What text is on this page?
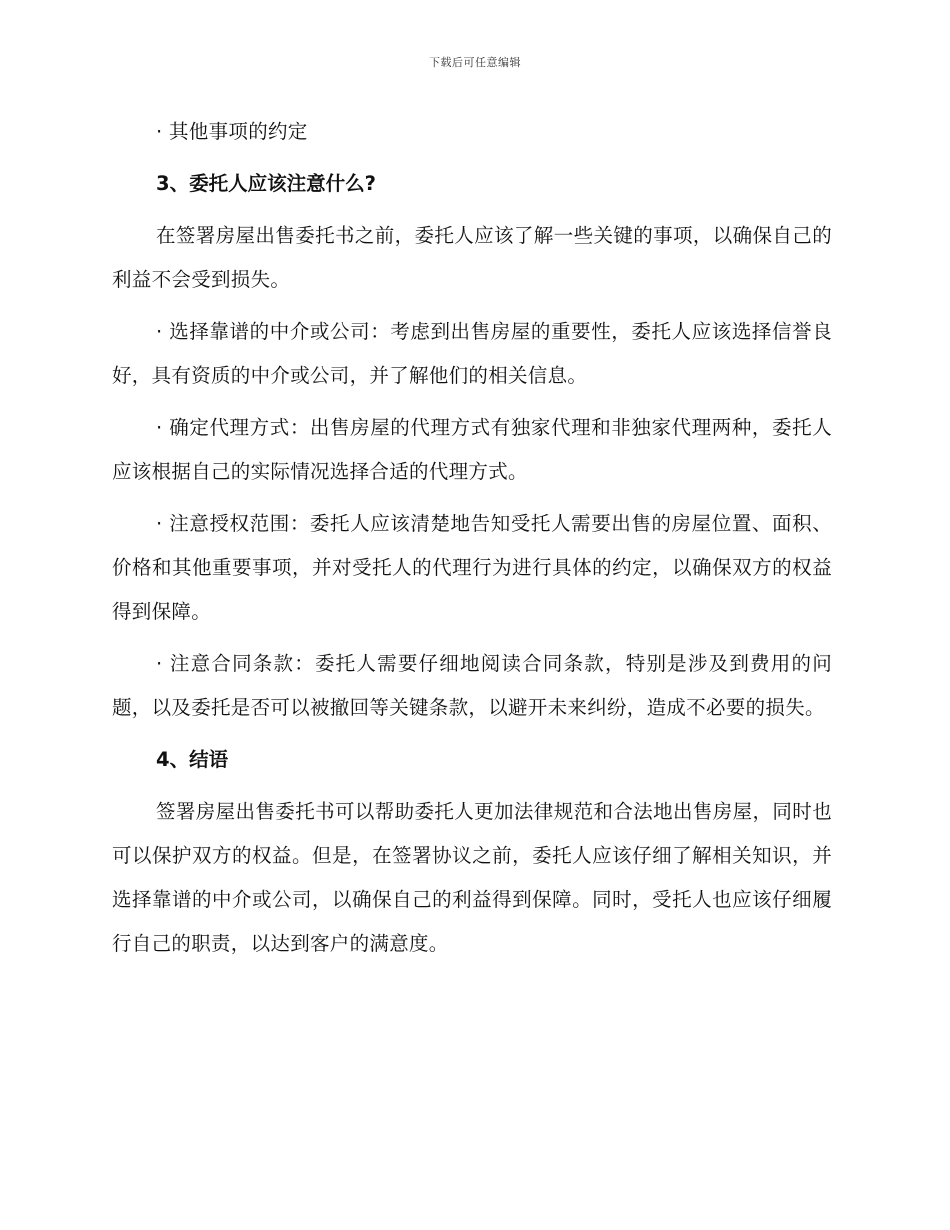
下载后可任意编辑

· 其他事项的约定

3、委托人应该注意什么?

在签署房屋出售委托书之前，委托人应该了解一些关键的事项，以确保自己的利益不会受到损失。

· 选择靠谱的中介或公司：考虑到出售房屋的重要性，委托人应该选择信誉良好，具有资质的中介或公司，并了解他们的相关信息。

· 确定代理方式：出售房屋的代理方式有独家代理和非独家代理两种，委托人应该根据自己的实际情况选择合适的代理方式。

· 注意授权范围：委托人应该清楚地告知受托人需要出售的房屋位置、面积、价格和其他重要事项，并对受托人的代理行为进行具体的约定，以确保双方的权益得到保障。

· 注意合同条款：委托人需要仔细地阅读合同条款，特别是涉及到费用的问题，以及委托是否可以被撤回等关键条款，以避开未来纠纷，造成不必要的损失。

4、结语

签署房屋出售委托书可以帮助委托人更加法律规范和合法地出售房屋，同时也可以保护双方的权益。但是，在签署协议之前，委托人应该仔细了解相关知识，并选择靠谱的中介或公司，以确保自己的利益得到保障。同时，受托人也应该仔细履行自己的职责，以达到客户的满意度。
